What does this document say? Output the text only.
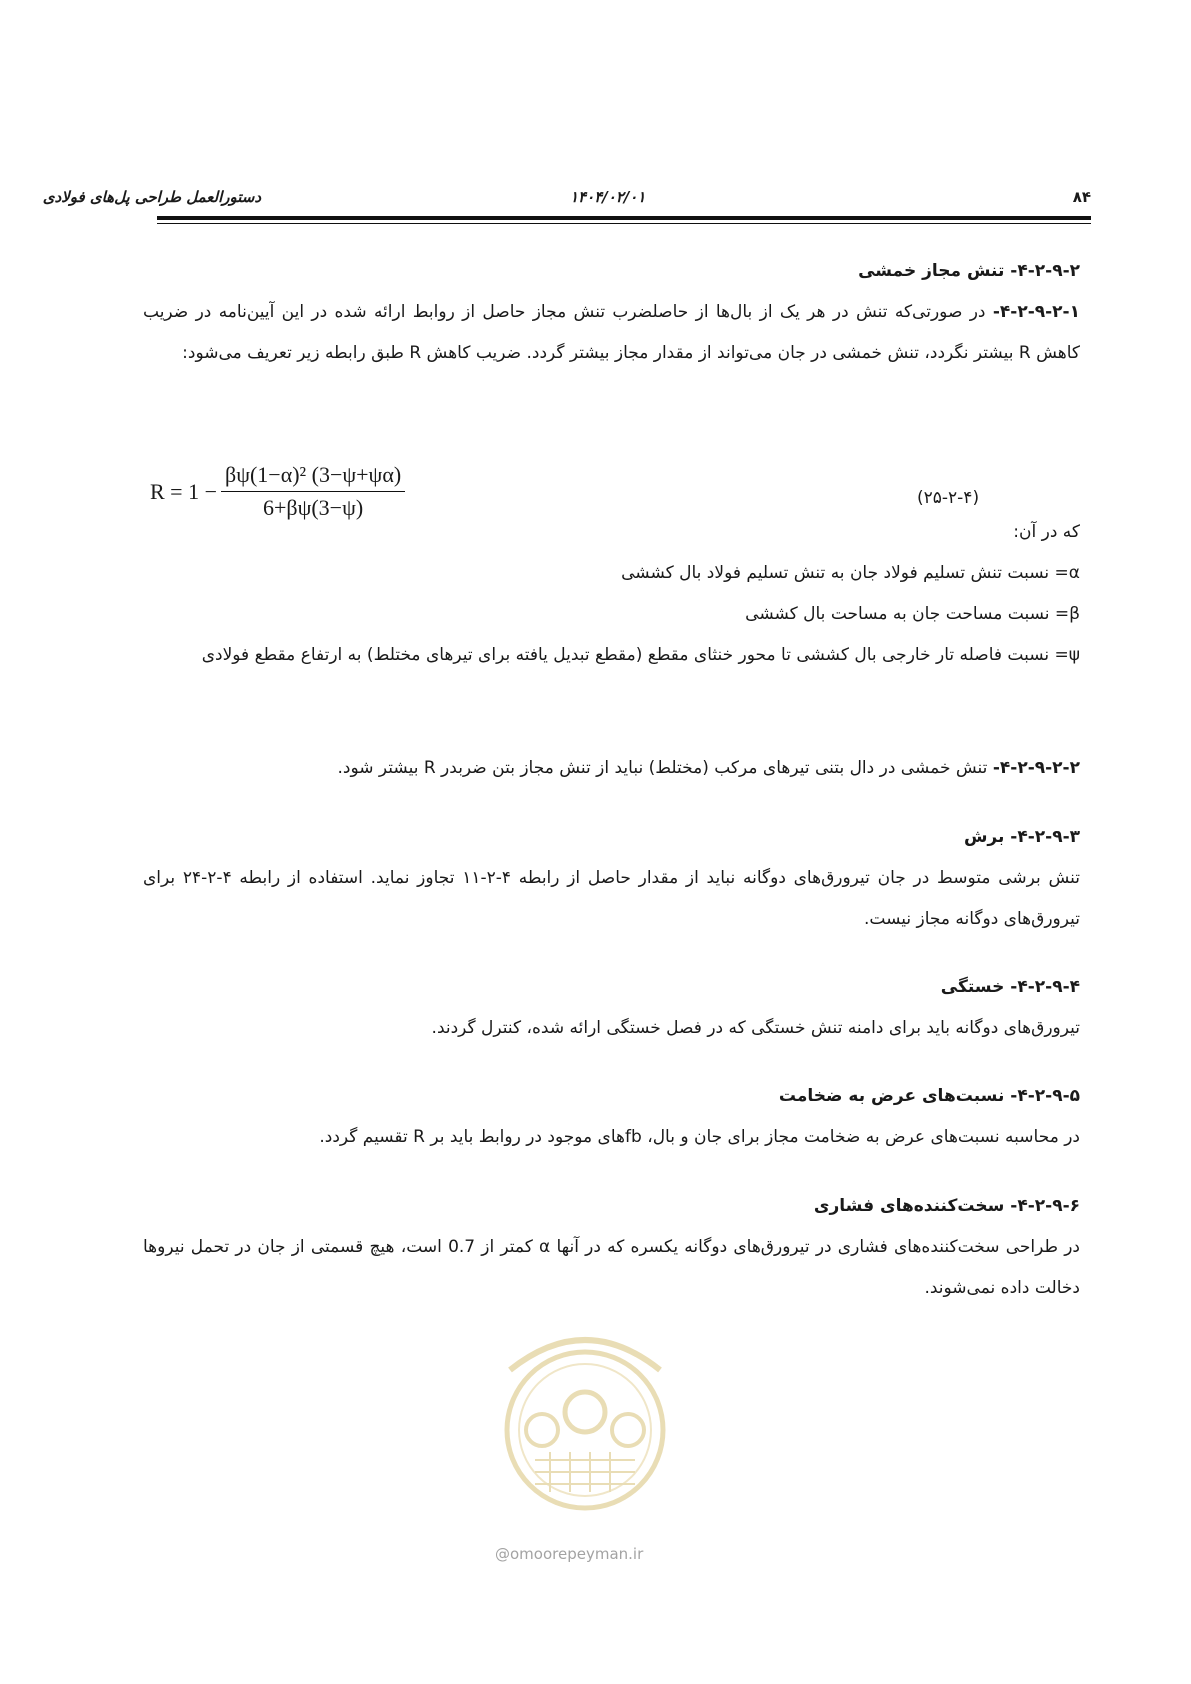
دستورالعمل طراحی پل‌های فولادی	۱۴۰۴/۰۲/۰۱	۸۴

۴-۲-۹-۲- تنش مجاز خمشی

۴-۲-۹-۲-۱- در صورتی‌که تنش در هر یک از بال‌ها از حاصلضرب تنش مجاز حاصل از روابط ارائه شده در این آیین‌نامه در ضریب کاهش R بیشتر نگردد، تنش خمشی در جان می‌تواند از مقدار مجاز بیشتر گردد. ضریب کاهش R طبق رابطه زیر تعریف می‌شود:

$R = 1 - \frac{\text{βψ(1−α)² (3−ψ+ψα)}}{6+\beta\psi(3-\psi)}$	(۲۵-۲-۴)

که در آن:

α= نسبت تنش تسلیم فولاد جان به تنش تسلیم فولاد بال کششی

β= نسبت مساحت جان به مساحت بال کششی

ψ= نسبت فاصله تار خارجی بال کششی تا محور خنثای مقطع (مقطع تبدیل یافته برای تیرهای مختلط) به ارتفاع مقطع فولادی

۴-۲-۹-۲-۲- تنش خمشی در دال بتنی تیرهای مرکب (مختلط) نباید از تنش مجاز بتن ضربدر R بیشتر شود.

۴-۲-۹-۳- برش

تنش برشی متوسط در جان تیرورق‌های دوگانه نباید از مقدار حاصل از رابطه ۴-۲-۱۱ تجاوز نماید. استفاده از رابطه ۴-۲-۲۴ برای تیرورق‌های دوگانه مجاز نیست.

۴-۲-۹-۴- خستگی

تیرورق‌های دوگانه باید برای دامنه تنش خستگی که در فصل خستگی ارائه شده، کنترل گردند.

۴-۲-۹-۵- نسبت‌های عرض به ضخامت

در محاسبه نسبت‌های عرض به ضخامت مجاز برای جان و بال، fbهای موجود در روابط باید بر R تقسیم گردد.

۴-۲-۹-۶- سخت‌کننده‌های فشاری

در طراحی سخت‌کننده‌های فشاری در تیرورق‌های دوگانه یکسره که در آنها α کمتر از 0.7 است، هیچ قسمتی از جان در تحمل نیروها دخالت داده نمی‌شوند.

@omoorepeyman.ir
